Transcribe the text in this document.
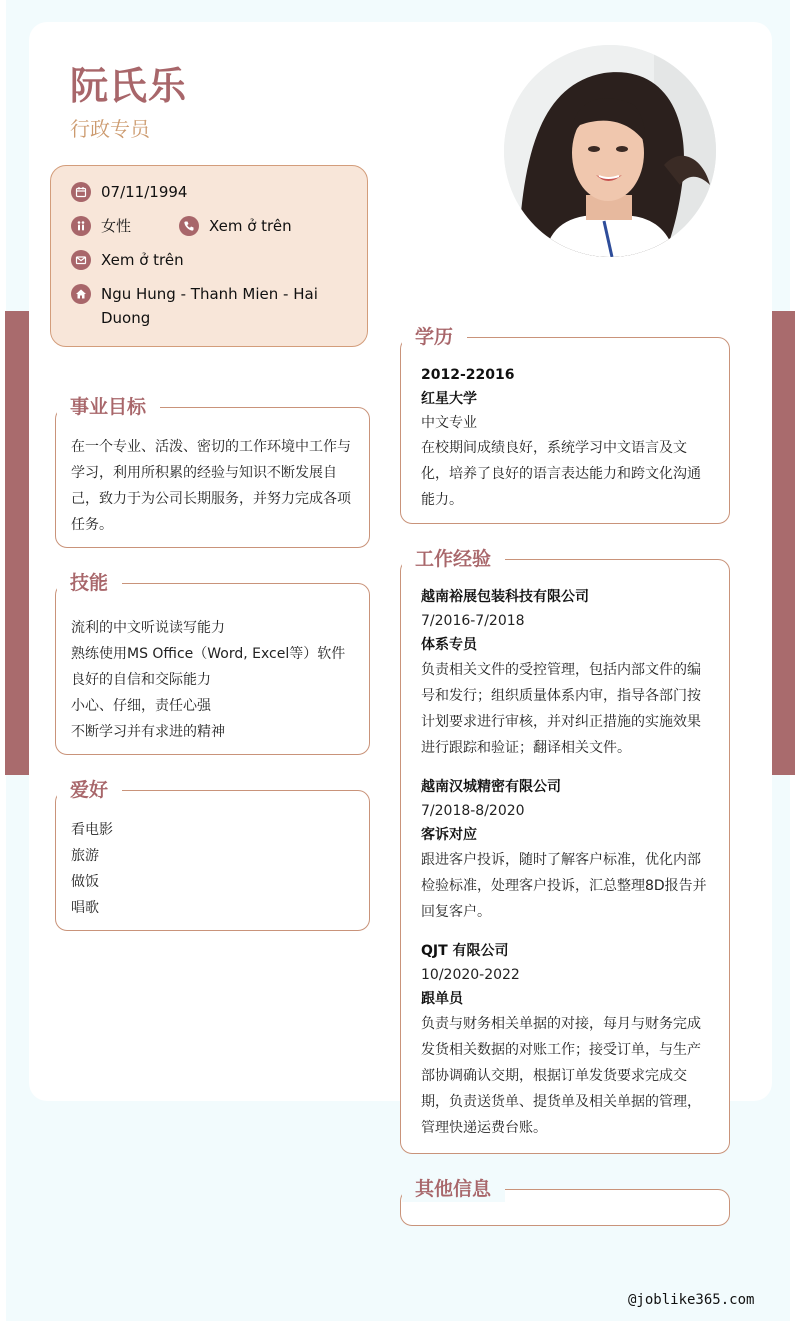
阮氏乐
行政专员
07/11/1994
女性	Xem ở trên
Xem ở trên
Ngu Hung - Thanh Mien - Hai Duong
在一个专业、活泼、密切的工作环境中工作与学习，利用所积累的经验与知识不断发展自己，致力于为公司长期服务，并努力完成各项任务。
事业目标
流利的中文听说读写能力
熟练使用MS Office（Word, Excel等）软件
良好的自信和交际能力
小心、仔细，责任心强
不断学习并有求进的精神
技能
看电影
旅游
做饭
唱歌
爱好
2012-22016
红星大学
中文专业
在校期间成绩良好，系统学习中文语言及文化，培养了良好的语言表达能力和跨文化沟通能力。
学历
越南裕展包装科技有限公司
7/2016-7/2018
体系专员
负责相关文件的受控管理，包括内部文件的编号和发行；组织质量体系内审，指导各部门按计划要求进行审核，并对纠正措施的实施效果进行跟踪和验证；翻译相关文件。
越南汉城精密有限公司
7/2018-8/2020
客诉对应
跟进客户投诉，随时了解客户标准，优化内部检验标准，处理客户投诉，汇总整理8D报告并回复客户。
QJT 有限公司
10/2020-2022
跟单员
负责与财务相关单据的对接，每月与财务完成发货相关数据的对账工作；接受订单，与生产部协调确认交期，根据订单发货要求完成交期，负责送货单、提货单及相关单据的管理，管理快递运费台账。
工作经验
其他信息
@joblike365.com
